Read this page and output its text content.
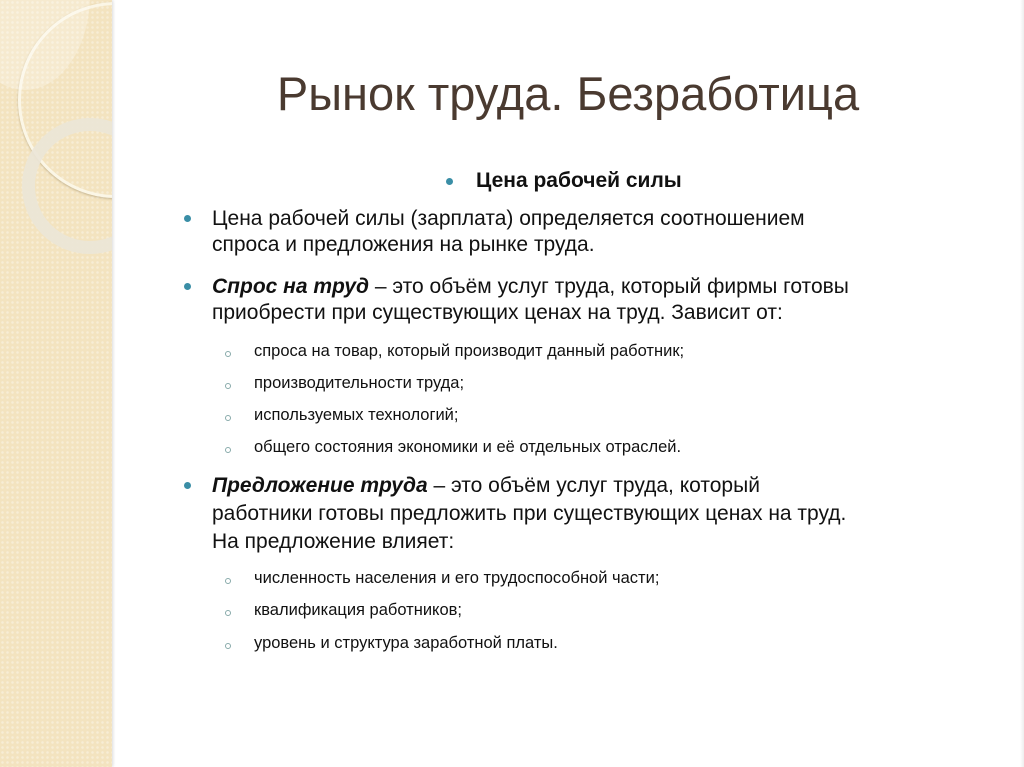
Рынок труда. Безработица
Цена рабочей силы
Цена рабочей силы (зарплата) определяется соотношением
спроса и предложения на рынке труда.
Спрос на труд – это объём услуг труда, который фирмы готовы
приобрести при существующих ценах на труд. Зависит от:
спроса на товар, который производит данный работник;
производительности труда;
используемых технологий;
общего состояния экономики и её отдельных отраслей.
Предложение труда – это объём услуг труда, который
работники готовы предложить при существующих ценах на труд.
На предложение влияет:
численность населения и его трудоспособной части;
квалификация работников;
уровень и структура заработной платы.
